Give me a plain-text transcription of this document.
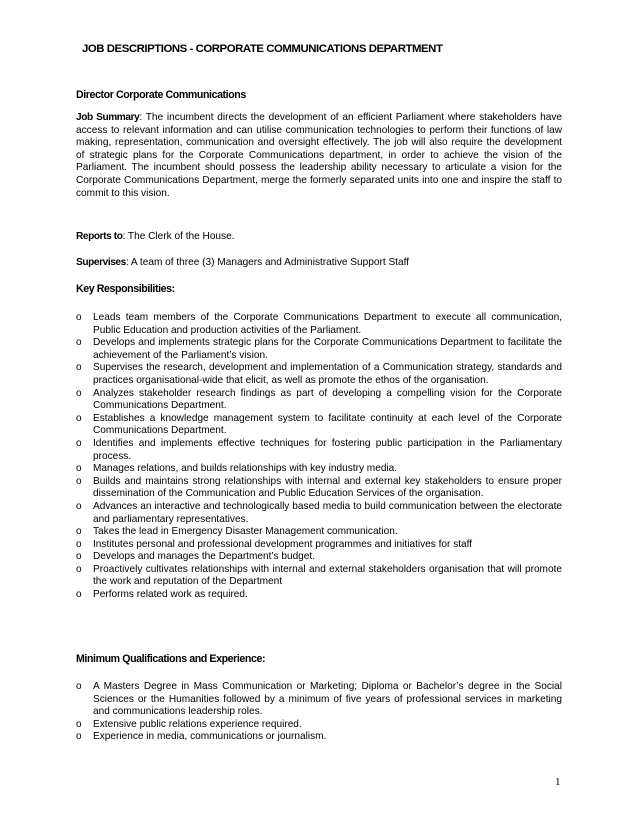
JOB DESCRIPTIONS - CORPORATE COMMUNICATIONS DEPARTMENT
Director Corporate Communications
Job Summary: The incumbent directs the development of an efficient Parliament where stakeholders have access to relevant information and can utilise communication technologies to perform their functions of law making, representation, communication and oversight effectively. The job will also require the development of strategic plans for the Corporate Communications department, in order to achieve the vision of the Parliament. The incumbent should possess the leadership ability necessary to articulate a vision for the Corporate Communications Department, merge the formerly separated units into one and inspire the staff to commit to this vision.
Reports to: The Clerk of the House.
Supervises: A team of three (3) Managers and Administrative Support Staff
Key Responsibilities:
o Leads team members of the Corporate Communications Department to execute all communication, Public Education and production activities of the Parliament.
o Develops and implements strategic plans for the Corporate Communications Department to facilitate the achievement of the Parliament’s vision.
o Supervises the research, development and implementation of a Communication strategy, standards and practices organisational-wide that elicit, as well as promote the ethos of the organisation.
o Analyzes stakeholder research findings as part of developing a compelling vision for the Corporate Communications Department.
o Establishes a knowledge management system to facilitate continuity at each level of the Corporate Communications Department.
o Identifies and implements effective techniques for fostering public participation in the Parliamentary process.
o Manages relations, and builds relationships with key industry media.
o Builds and maintains strong relationships with internal and external key stakeholders to ensure proper dissemination of the Communication and Public Education Services of the organisation.
o Advances an interactive and technologically based media to build communication between the electorate and parliamentary representatives.
o Takes the lead in Emergency Disaster Management communication.
o Institutes personal and professional development programmes and initiatives for staff
o Develops and manages the Department’s budget.
o Proactively cultivates relationships with internal and external stakeholders organisation that will promote the work and reputation of the Department
o Performs related work as required.
Minimum Qualifications and Experience:
o A Masters Degree in Mass Communication or Marketing; Diploma or Bachelor’s degree in the Social Sciences or the Humanities followed by a minimum of five years of professional services in marketing and communications leadership roles.
o Extensive public relations experience required.
o Experience in media, communications or journalism.
1
